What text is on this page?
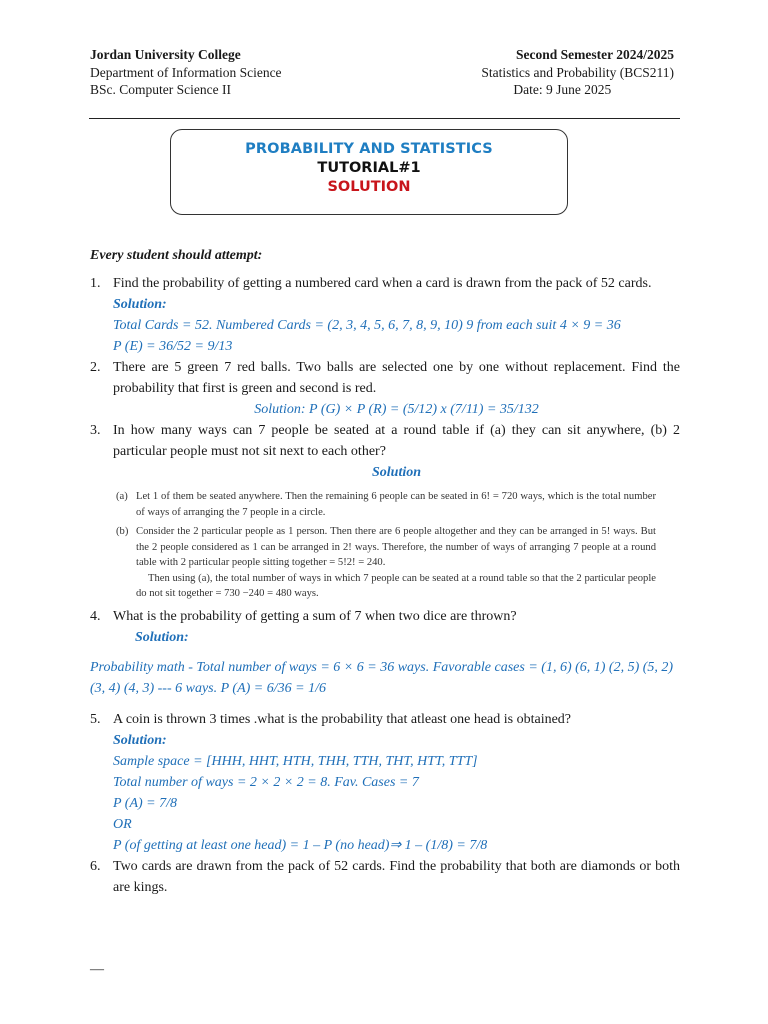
Jordan University College
Department of Information Science
BSc. Computer Science II
Second Semester 2024/2025
Statistics and Probability (BCS211)
Date: 9 June 2025
PROBABILITY AND STATISTICS
TUTORIAL#1
SOLUTION
Every student should attempt:
1. Find the probability of getting a numbered card when a card is drawn from the pack of 52 cards.
Solution:
Total Cards = 52. Numbered Cards = (2, 3, 4, 5, 6, 7, 8, 9, 10) 9 from each suit 4 × 9 = 36
P (E) = 36/52 = 9/13
2. There are 5 green 7 red balls. Two balls are selected one by one without replacement. Find the probability that first is green and second is red.
Solution: P (G) × P (R) = (5/12) x (7/11) = 35/132
3. In how many ways can 7 people be seated at a round table if (a) they can sit anywhere, (b) 2 particular people must not sit next to each other?
Solution
(a) Let 1 of them be seated anywhere. Then the remaining 6 people can be seated in 6! = 720 ways, which is the total number of ways of arranging the 7 people in a circle.
(b) Consider the 2 particular people as 1 person. Then there are 6 people altogether and they can be arranged in 5! ways. But the 2 people considered as 1 can be arranged in 2! ways. Therefore, the number of ways of arranging 7 people at a round table with 2 particular people sitting together = 5!2! = 240.
Then using (a), the total number of ways in which 7 people can be seated at a round table so that the 2 particular people do not sit together = 730 −240 = 480 ways.
4. What is the probability of getting a sum of 7 when two dice are thrown?
Solution:
Probability math - Total number of ways = 6 × 6 = 36 ways. Favorable cases = (1, 6) (6, 1) (2, 5) (5, 2) (3, 4) (4, 3) --- 6 ways. P (A) = 6/36 = 1/6
5. A coin is thrown 3 times .what is the probability that atleast one head is obtained?
Solution:
Sample space = [HHH, HHT, HTH, THH, TTH, THT, HTT, TTT]
Total number of ways = 2 × 2 × 2 = 8. Fav. Cases = 7
P (A) = 7/8
OR
P (of getting at least one head) = 1 – P (no head)⇒ 1 – (1/8) = 7/8
6. Two cards are drawn from the pack of 52 cards. Find the probability that both are diamonds or both are kings.
—
